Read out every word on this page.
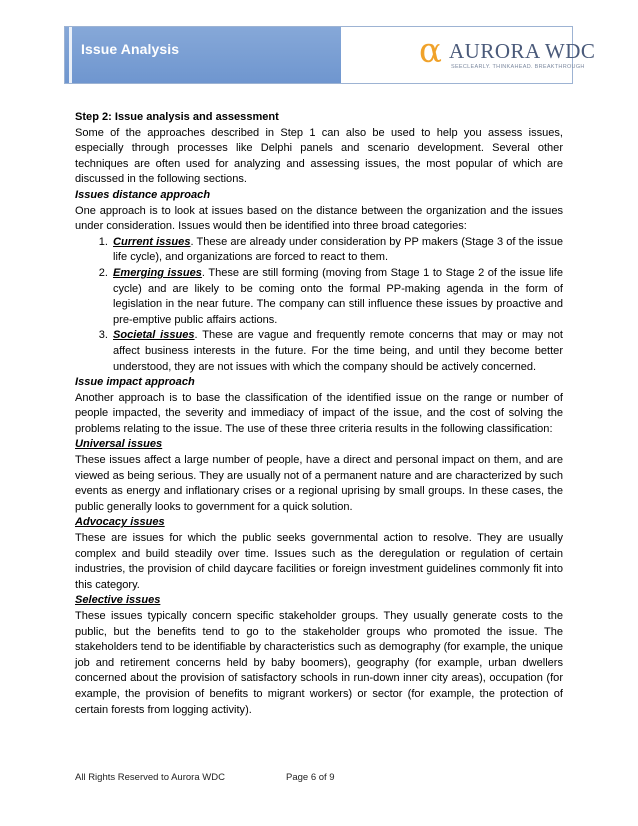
Issue Analysis	α AURORA WDC
SEECLEARLY. THINKAHEAD. BREAKTHROUGH

Step 2: Issue analysis and assessment

Some of the approaches described in Step 1 can also be used to help you assess issues, especially through processes like Delphi panels and scenario development. Several other techniques are often used for analyzing and assessing issues, the most popular of which are discussed in the following sections.

Issues distance approach

One approach is to look at issues based on the distance between the organization and the issues under consideration. Issues would then be identified into three broad categories:

1. Current issues. These are already under consideration by PP makers (Stage 3 of the issue life cycle), and organizations are forced to react to them.
2. Emerging issues. These are still forming (moving from Stage 1 to Stage 2 of the issue life cycle) and are likely to be coming onto the formal PP-making agenda in the form of legislation in the near future. The company can still influence these issues by proactive and pre-emptive public affairs actions.
3. Societal issues. These are vague and frequently remote concerns that may or may not affect business interests in the future. For the time being, and until they become better understood, they are not issues with which the company should be actively concerned.

Issue impact approach

Another approach is to base the classification of the identified issue on the range or number of people impacted, the severity and immediacy of impact of the issue, and the cost of solving the problems relating to the issue. The use of these three criteria results in the following classification:

Universal issues

These issues affect a large number of people, have a direct and personal impact on them, and are viewed as being serious. They are usually not of a permanent nature and are characterized by such events as energy and inflationary crises or a regional uprising by small groups. In these cases, the public generally looks to government for a quick solution.

Advocacy issues

These are issues for which the public seeks governmental action to resolve. They are usually complex and build steadily over time. Issues such as the deregulation or regulation of certain industries, the provision of child daycare facilities or foreign investment guidelines commonly fit into this category.

Selective issues

These issues typically concern specific stakeholder groups. They usually generate costs to the public, but the benefits tend to go to the stakeholder groups who promoted the issue. The stakeholders tend to be identifiable by characteristics such as demography (for example, the unique job and retirement concerns held by baby boomers), geography (for example, urban dwellers concerned about the provision of satisfactory schools in run-down inner city areas), occupation (for example, the provision of benefits to migrant workers) or sector (for example, the protection of certain forests from logging activity).

All Rights Reserved to Aurora WDC	Page 6 of 9
